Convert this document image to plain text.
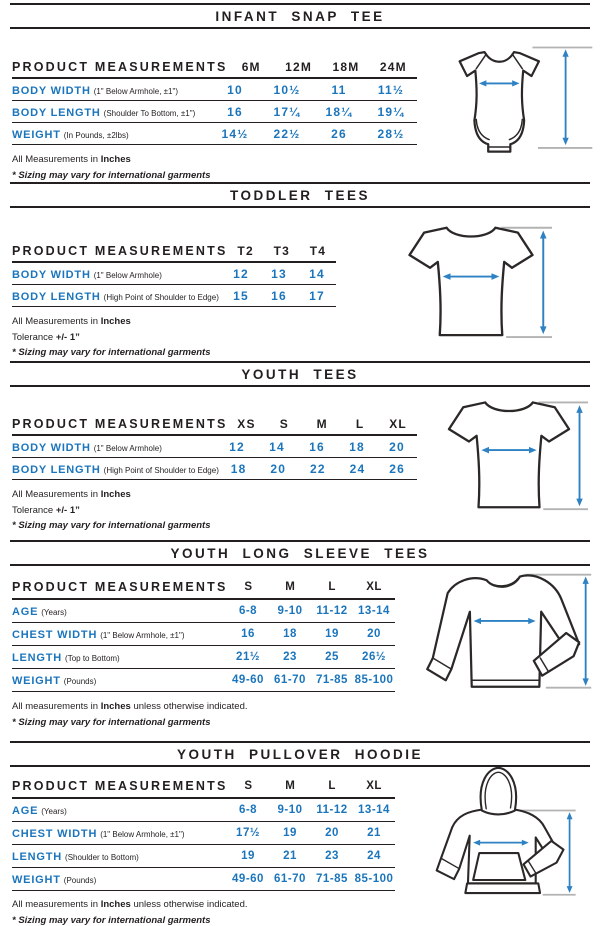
INFANT SNAP TEE
PRODUCT MEASUREMENTS	6M	12M	18M	24M
BODY WIDTH (1" Below Armhole, ±1")	10	10½	11	11½
BODY LENGTH (Shoulder To Bottom, ±1")	16	17¼	18¼	19¼
WEIGHT (In Pounds, ±2lbs)	14½	22½	26	28½
All Measurements in Inches
* Sizing may vary for international garments
TODDLER TEES
PRODUCT MEASUREMENTS T2	T3	T4
BODY WIDTH (1" Below Armhole)	12	13	14
BODY LENGTH (High Point of Shoulder to Edge)	15	16	17
All Measurements in Inches
Tolerance +/- 1”
* Sizing may vary for international garments
YOUTH TEES
PRODUCT MEASUREMENTS XS	S	M	L	XL
BODY WIDTH (1" Below Armhole)	12	14	16	18	20
BODY LENGTH (High Point of Shoulder to Edge) 18	20	22	24	26
All Measurements in Inches
Tolerance +/- 1”
* Sizing may vary for international garments
YOUTH LONG SLEEVE TEES
PRODUCT MEASUREMENTS	S	M	L	XL
AGE (Years)	6-8	9-10	11-12 13-14
CHEST WIDTH (1" Below Armhole, ±1")	16	18	19	20
LENGTH (Top to Bottom)	21½	23	25	26½
WEIGHT (Pounds)	49-60 61-70 71-85 85-100
All measurements in Inches unless otherwise indicated.
* Sizing may vary for international garments
YOUTH PULLOVER HOODIE
PRODUCT MEASUREMENTS	S	M	L	XL
AGE (Years)	6-8	9-10	11-12 13-14
CHEST WIDTH (1" Below Armhole, ±1")	17½	19	20	21
LENGTH (Shoulder to Bottom)	19	21	23	24
WEIGHT (Pounds)	49-60 61-70 71-85 85-100
All measurements in Inches unless otherwise indicated.
* Sizing may vary for international garments
